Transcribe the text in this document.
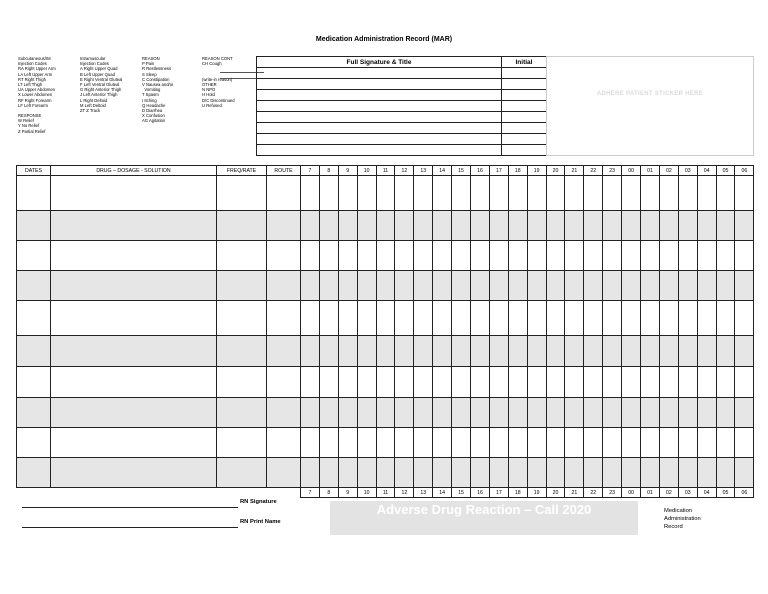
Medication Administration Record (MAR)
Subcutaneous/IM
Injection Codes
RA Right Upper Arm
LA Left Upper Arm
RT Right Thigh
LT Left Thigh
UA Upper Abdomen
X Lower Abdomen
RF Right Forearm
LF Left Forearm
RESPONSE
W Relief
Y No Relief
Z Partial Relief
Intramuscular
Injection Codes
A Right Upper Quad
B Left Upper Quad
E Right Ventral Gluteal
F Left Ventral Gluteal
G Right Anterior Thigh
J Left Anterior Thigh
L Right Deltoid
M Left Deltoid
ZT Z Track
REASON
P Pain
R Restlessness
S Sleep
C Constipation
V Nausea and/or
Vomiting
T Spasm
I Itching
Q Headache
D Diarrhea
X Confusion
AG Agitation
REASON CONT
CH Cough
(write-in reason)
OTHER
N NPO
H Hold
D/C Discontinued
U Refused
Full Signature & Title	Initial

ADHERE PATIENT STICKER HERE
DATES	DRUG – DOSAGE - SOLUTION	FREQ/RATE	ROUTE	7	8	9	10	11	12	13	14	15	16	17	18	19	20	21	22	23	00	01	02	03	04	05	06

				7	8	9	10	11	12	13	14	15	16	17	18	19	20	21	22	23	00	01	02	03	04	05	06
RN Signature
RN Print Name
Adverse Drug Reaction – Call 2020	Medication
Administration
Record
